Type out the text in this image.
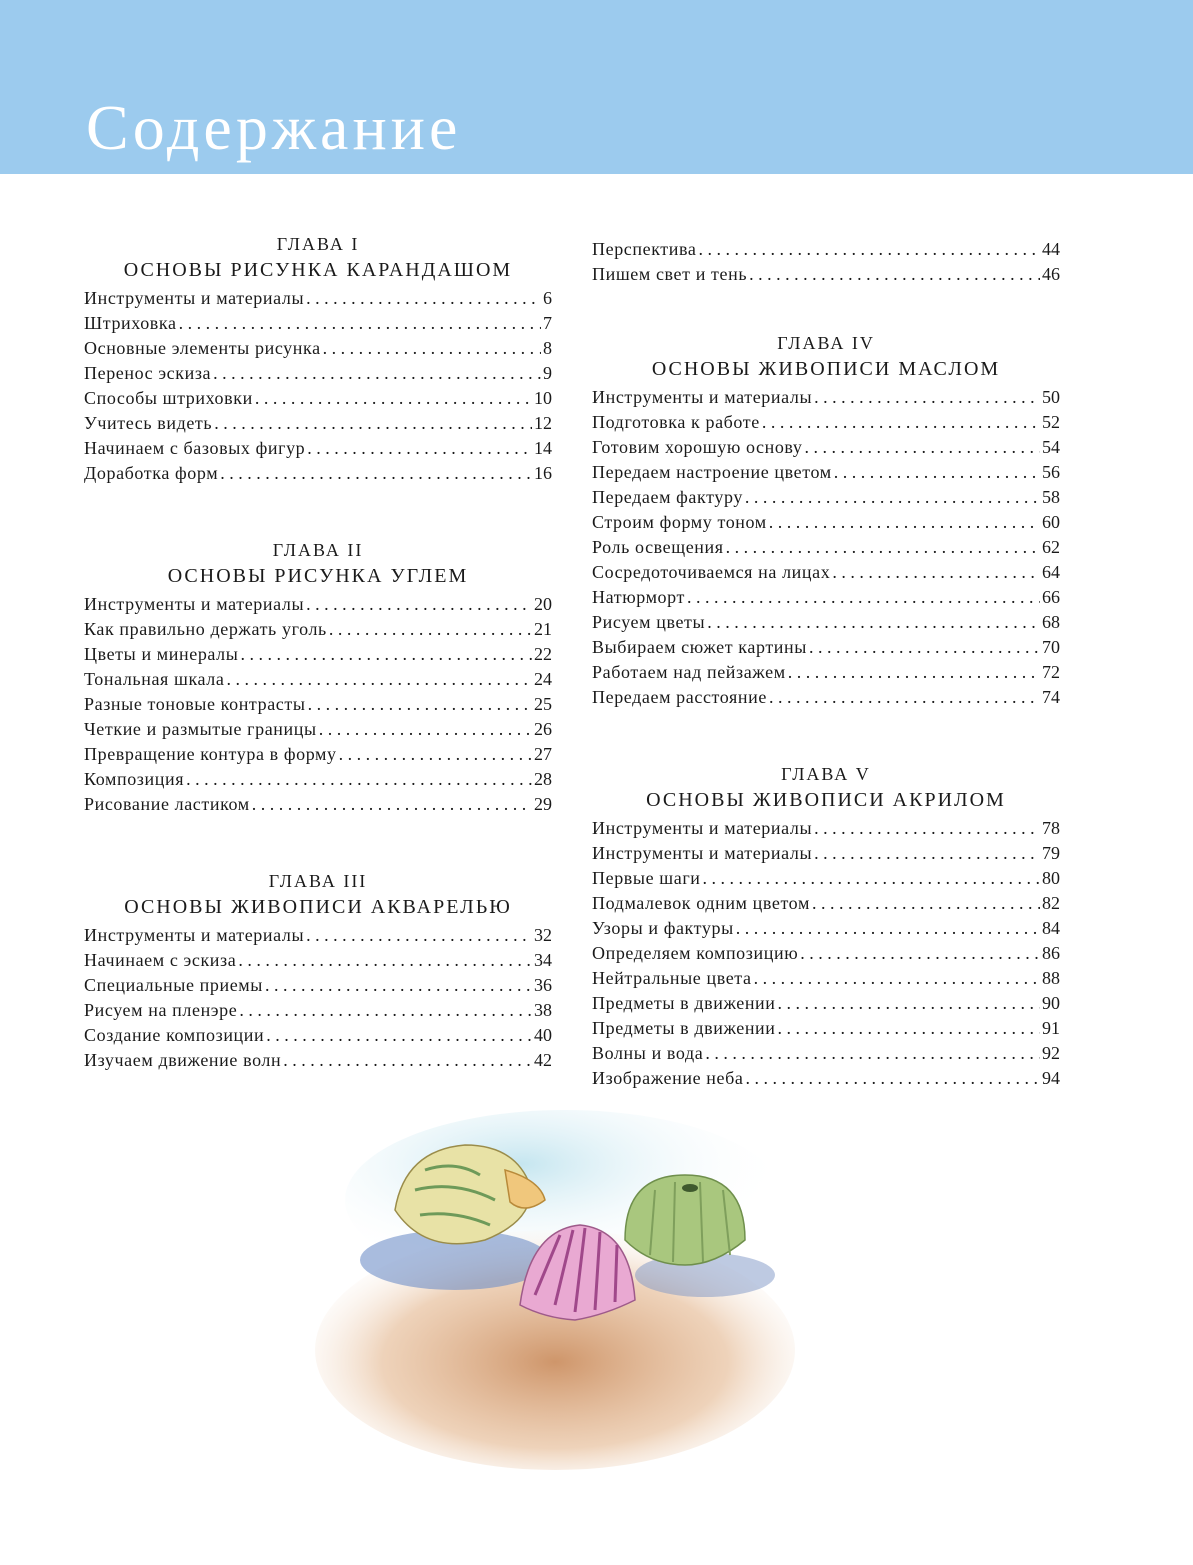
Содержание
ГЛАВА I
ОСНОВЫ РИСУНКА КАРАНДАШОМ
Инструменты и материалы . . .	6
Штриховка . . .	7
Основные элементы рисунка . . .	8
Перенос эскиза . . .	9
Способы штриховки . . .	10
Учитесь видеть . . .	12
Начинаем с базовых фигур . . .	14
Доработка форм . . .	16
ГЛАВА II
ОСНОВЫ РИСУНКА УГЛЕМ
Инструменты и материалы . . .	20
Как правильно держать уголь . . .	21
Цветы и минералы . . .	22
Тональная шкала . . .	24
Разные тоновые контрасты . . .	25
Четкие и размытые границы . . .	26
Превращение контура в форму . . .	27
Композиция . . .	28
Рисование ластиком . . .	29
ГЛАВА III
ОСНОВЫ ЖИВОПИСИ АКВАРЕЛЬЮ
Инструменты и материалы . . .	32
Начинаем с эскиза . . .	34
Специальные приемы . . .	36
Рисуем на пленэре . . .	38
Создание композиции . . .	40
Изучаем движение волн . . .	42
Перспектива . . .	44
Пишем свет и тень . . .	46
ГЛАВА IV
ОСНОВЫ ЖИВОПИСИ МАСЛОМ
Инструменты и материалы . . .	50
Подготовка к работе . . .	52
Готовим хорошую основу . . .	54
Передаем настроение цветом . . .	56
Передаем фактуру . . .	58
Строим форму тоном . . .	60
Роль освещения . . .	62
Сосредоточиваемся на лицах . . .	64
Натюрморт . . .	66
Рисуем цветы . . .	68
Выбираем сюжет картины . . .	70
Работаем над пейзажем . . .	72
Передаем расстояние . . .	74
ГЛАВА V
ОСНОВЫ ЖИВОПИСИ АКРИЛОМ
Инструменты и материалы . . .	78
Инструменты и материалы . . .	79
Первые шаги . . .	80
Подмалевок одним цветом . . .	82
Узоры и фактуры . . .	84
Определяем композицию . . .	86
Нейтральные цвета . . .	88
Предметы в движении . . .	90
Предметы в движении . . .	91
Волны и вода . . .	92
Изображение неба . . .	94
